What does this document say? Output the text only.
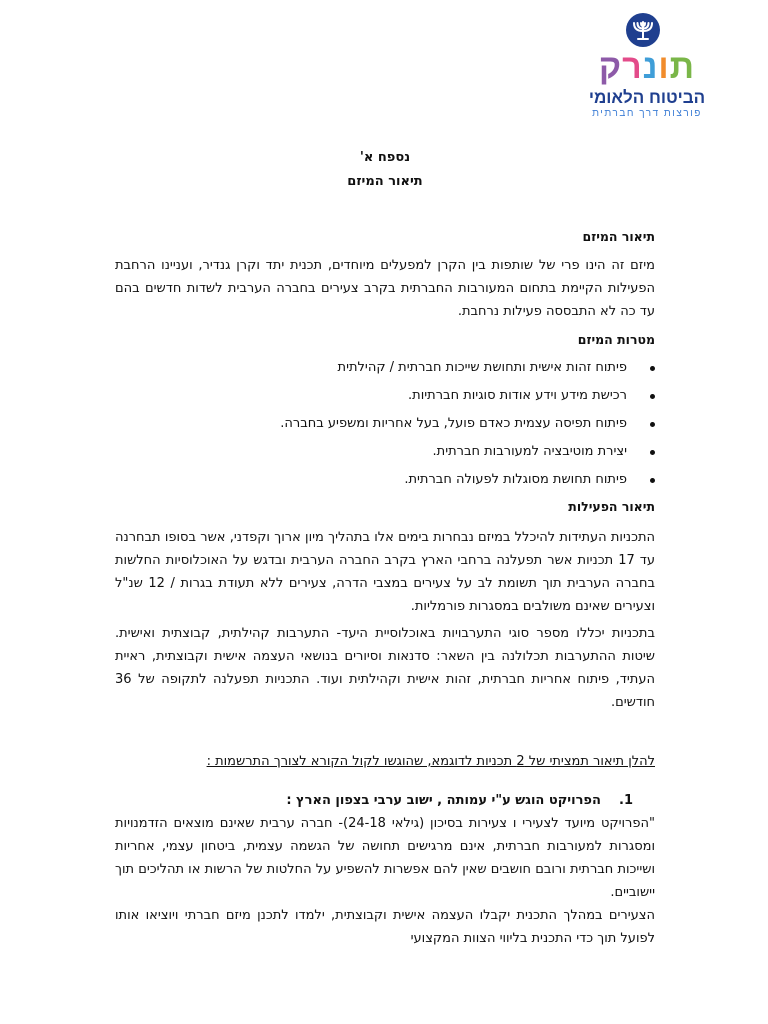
קרנות
הביטוח הלאומי
פורצות דרך חברתית
נספח א'
תיאור המיזם
תיאור המיזם

מיזם זה הינו פרי של שותפות בין הקרן למפעלים מיוחדים, תכנית יתד וקרן גנדיר, ועניינו הרחבת הפעילות הקיימת בתחום המעורבות החברתית בקרב צעירים בחברה הערבית לשדות חדשים בהם עד כה לא התבססה פעילות נרחבת.

מטרות המיזם
פיתוח זהות אישית ותחושת שייכות חברתית / קהילתית
רכישת מידע וידע אודות סוגיות חברתיות.
פיתוח תפיסה עצמית כאדם פועל, בעל אחריות ומשפיע בחברה.
יצירת מוטיבציה למעורבות חברתית.
פיתוח תחושת מסוגלות לפעולה חברתית.
תיאור הפעילות

התכניות העתידות להיכלל במיזם נבחרות בימים אלו בתהליך מיון ארוך וקפדני, אשר בסופו תבחרנה עד 17 תכניות אשר תפעלנה ברחבי הארץ בקרב החברה הערבית ובדגש על האוכלוסיות החלשות בחברה הערבית תוך תשומת לב על צעירים במצבי הדרה, צעירים ללא תעודת בגרות / 12 שנ"ל וצעירים שאינם משולבים במסגרות פורמליות.

בתכניות יכללו מספר סוגי התערבויות באוכלוסיית היעד- התערבות קהילתית, קבוצתית ואישית. שיטות ההתערבות תכלולנה בין השאר: סדנאות וסיורים בנושאי העצמה אישית וקבוצתית, ראיית העתיד, פיתוח אחריות חברתית, זהות אישית וקהילתית ועוד. התכניות תפעלנה לתקופה של 36 חודשים.

להלן תיאור תמציתי של 2 תכניות לדוגמא, שהוגשו לקול הקורא לצורך התרשמות :

1.    הפרויקט הוגש ע"י עמותה , ישוב ערבי בצפון הארץ :

"הפרויקט מיועד לצעירי ו צעירות בסיכון (גילאי 24-18)- חברה ערבית שאינם מוצאים הזדמנויות ומסגרות למעורבות חברתית, אינם מרגישים תחושה של הגשמה עצמית, ביטחון עצמי, אחריות ושייכות חברתית ורובם חושבים שאין להם אפשרות להשפיע על החלטות של הרשות או תהליכים תוך יישוביים.

הצעירים במהלך התכנית יקבלו העצמה אישית וקבוצתית, ילמדו לתכנן מיזם חברתי ויוציאו אותו לפועל תוך כדי התכנית בליווי הצוות המקצועי
